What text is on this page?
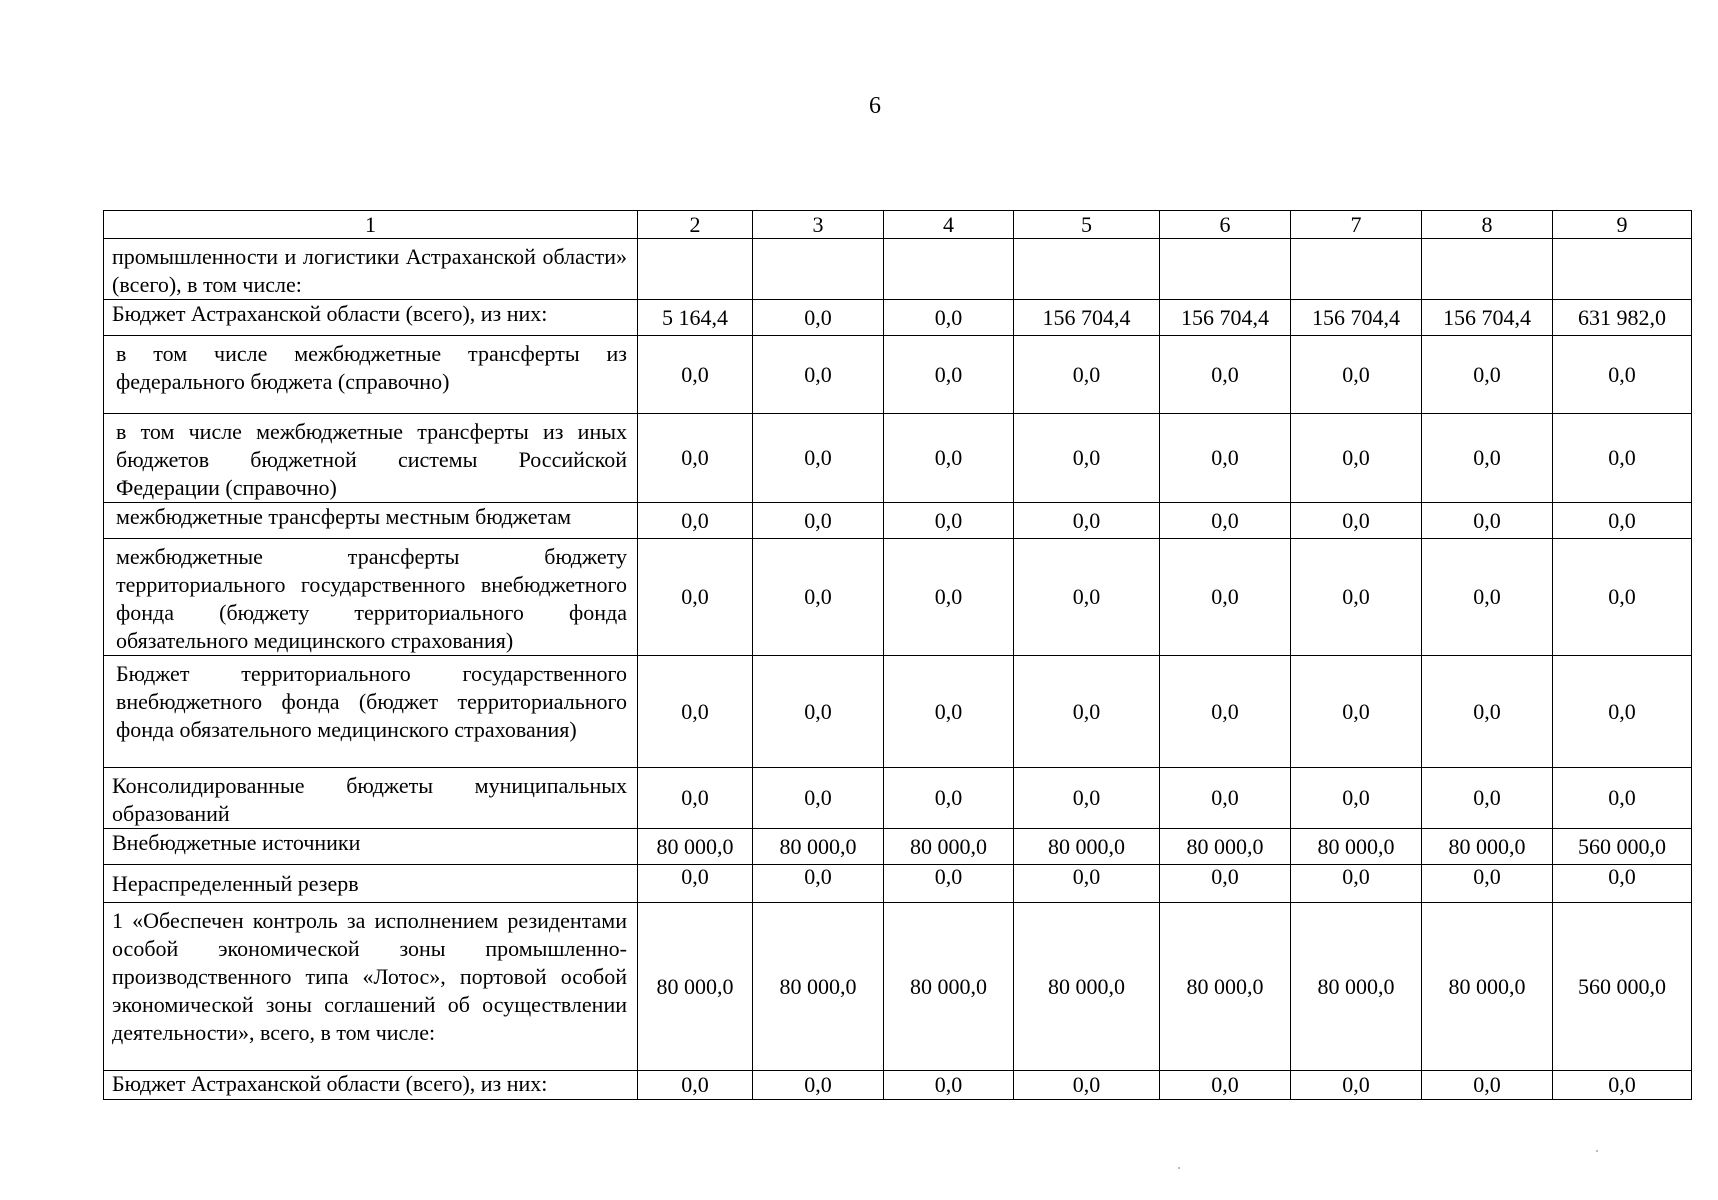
6
1	2	3	4	5	6	7	8	9
промышленности и логистики Астраханской области» (всего), в том числе:								
Бюджет Астраханской области (всего), из них:	5 164,4	0,0	0,0	156 704,4	156 704,4	156 704,4	156 704,4	631 982,0
в том числе межбюджетные трансферты из федерального бюджета (справочно)	0,0	0,0	0,0	0,0	0,0	0,0	0,0	0,0
в том числе межбюджетные трансферты из иных бюджетов бюджетной системы Российской Федерации (справочно)	0,0	0,0	0,0	0,0	0,0	0,0	0,0	0,0
межбюджетные трансферты местным бюджетам	0,0	0,0	0,0	0,0	0,0	0,0	0,0	0,0
межбюджетные трансферты бюджету территориального государственного внебюджетного фонда (бюджету территориального фонда обязательного медицинского страхования)	0,0	0,0	0,0	0,0	0,0	0,0	0,0	0,0
Бюджет территориального государственного внебюджетного фонда (бюджет территориального фонда обязательного медицинского страхования)	0,0	0,0	0,0	0,0	0,0	0,0	0,0	0,0
Консолидированные бюджеты муниципальных образований	0,0	0,0	0,0	0,0	0,0	0,0	0,0	0,0
Внебюджетные источники	80 000,0	80 000,0	80 000,0	80 000,0	80 000,0	80 000,0	80 000,0	560 000,0
Нераспределенный резерв	0,0	0,0	0,0	0,0	0,0	0,0	0,0	0,0
1 «Обеспечен контроль за исполнением резидентами особой экономической зоны промышленно-производственного типа «Лотос», портовой особой экономической зоны соглашений об осуществлении деятельности», всего, в том числе:	80 000,0	80 000,0	80 000,0	80 000,0	80 000,0	80 000,0	80 000,0	560 000,0
Бюджет Астраханской области (всего), из них:	0,0	0,0	0,0	0,0	0,0	0,0	0,0	0,0
